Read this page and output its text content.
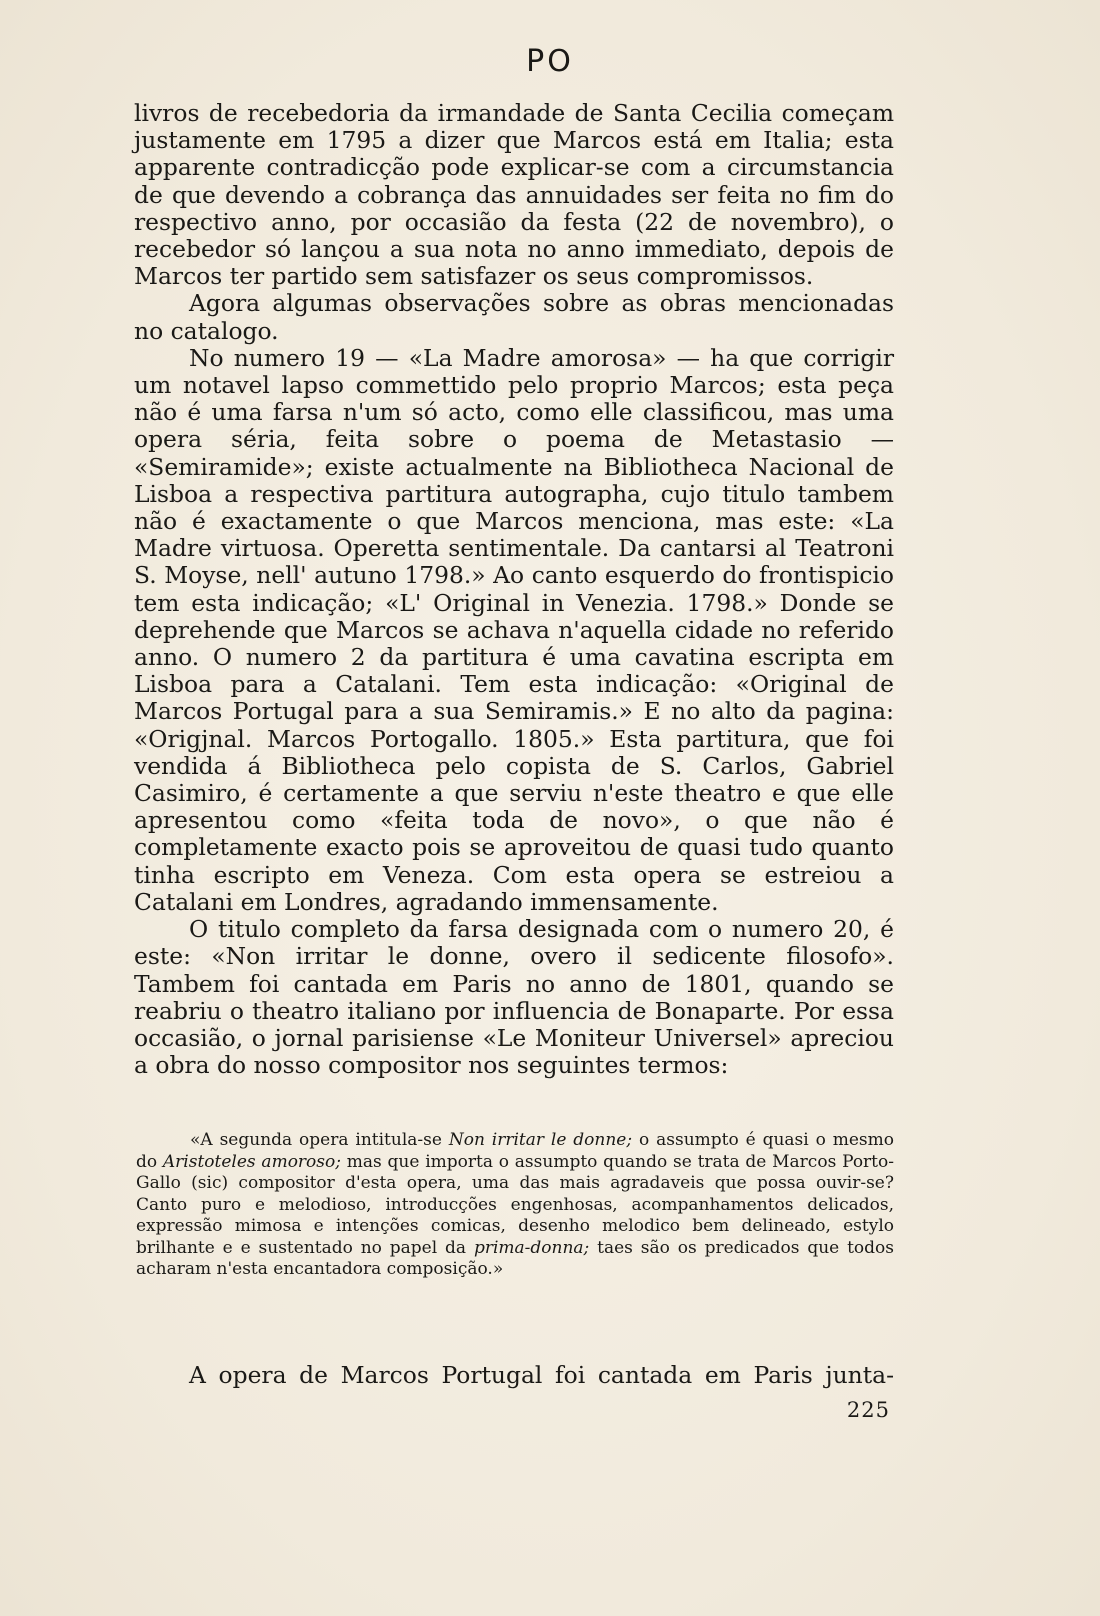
PO

livros de recebedoria da irmandade de Santa Cecilia começam justamente em 1795 a dizer que Marcos está em Italia; esta apparente contradicção pode explicar-se com a circumstancia de que devendo a cobrança das annuidades ser feita no fim do respectivo anno, por occasião da festa (22 de novembro), o recebedor só lançou a sua nota no anno immediato, depois de Marcos ter partido sem satisfazer os seus compromissos.

Agora algumas observações sobre as obras mencionadas no catalogo.

No numero 19 — «La Madre amorosa» — ha que corrigir um notavel lapso commettido pelo proprio Marcos; esta peça não é uma farsa n'um só acto, como elle classificou, mas uma opera séria, feita sobre o poema de Metastasio — «Semiramide»; existe actualmente na Bibliotheca Nacional de Lisboa a respectiva partitura autographa, cujo titulo tambem não é exactamente o que Marcos menciona, mas este: «La Madre virtuosa. Operetta sentimentale. Da cantarsi al Teatroni S. Moyse, nell' autuno 1798.» Ao canto esquerdo do frontispicio tem esta indicação; «L' Original in Venezia. 1798.» Donde se deprehende que Marcos se achava n'aquella cidade no referido anno. O numero 2 da partitura é uma cavatina escripta em Lisboa para a Catalani. Tem esta indicação: «Original de Marcos Portugal para a sua Semiramis.» E no alto da pagina: «Origjnal. Marcos Portogallo. 1805.» Esta partitura, que foi vendida á Bibliotheca pelo copista de S. Carlos, Gabriel Casimiro, é certamente a que serviu n'este theatro e que elle apresentou como «feita toda de novo», o que não é completamente exacto pois se aproveitou de quasi tudo quanto tinha escripto em Veneza. Com esta opera se estreiou a Catalani em Londres, agradando immensamente.

O titulo completo da farsa designada com o numero 20, é este: «Non irritar le donne, overo il sedicente filosofo». Tambem foi cantada em Paris no anno de 1801, quando se reabriu o theatro italiano por influencia de Bonaparte. Por essa occasião, o jornal parisiense «Le Moniteur Universel» apreciou a obra do nosso compositor nos seguintes termos:

«A segunda opera intitula-se Non irritar le donne; o assumpto é quasi o mesmo do Aristoteles amoroso; mas que importa o assumpto quando se trata de Marcos Porto-Gallo (sic) compositor d'esta opera, uma das mais agradaveis que possa ouvir-se? Canto puro e melodioso, introducções engenhosas, acompanhamentos delicados, expressão mimosa e intenções comicas, desenho melodico bem delineado, estylo brilhante e e sustentado no papel da prima-donna; taes são os predicados que todos acharam n'esta encantadora composição.»

A opera de Marcos Portugal foi cantada em Paris junta-

225
